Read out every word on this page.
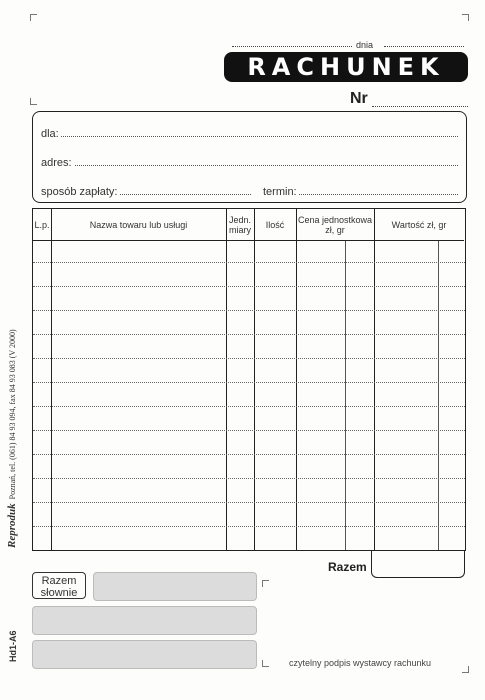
dnia
RACHUNEK
Nr
dla:
adres:
sposób zapłaty:	termin:
L.p.	Nazwa towaru lub usługi	Jedn. miary	Ilość	Cena jednostkowa zł, gr	Wartość zł, gr
ReprodukPoznań, tel. (061) 84 93 094, fax 84 93 083 (V 2000)
Razem
Razem słownie
czytelny podpis wystawcy rachunku
Hd1-A6
